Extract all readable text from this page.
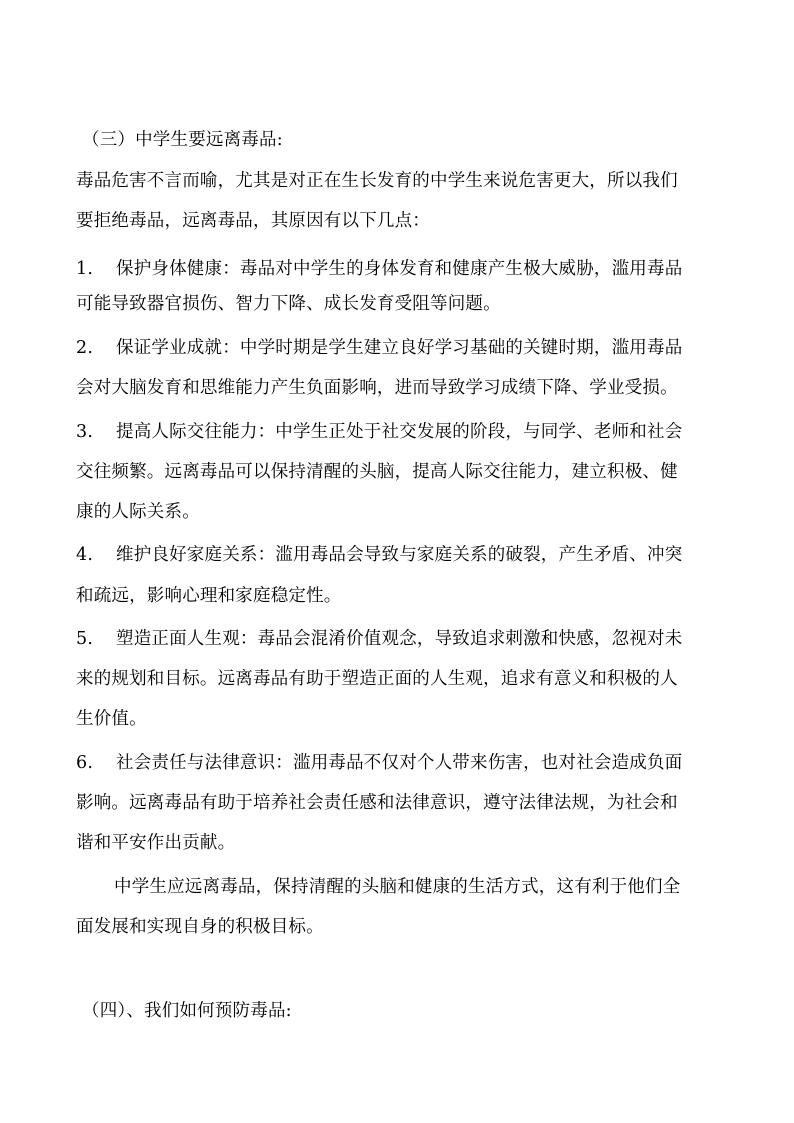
（三）中学生要远离毒品:
毒品危害不言而喻，尤其是对正在生长发育的中学生来说危害更大，所以我们
要拒绝毒品，远离毒品，其原因有以下几点：
1. 保护身体健康：毒品对中学生的身体发育和健康产生极大威胁，滥用毒品
可能导致器官损伤、智力下降、成长发育受阻等问题。
2. 保证学业成就：中学时期是学生建立良好学习基础的关键时期，滥用毒品
会对大脑发育和思维能力产生负面影响，进而导致学习成绩下降、学业受损。
3. 提高人际交往能力：中学生正处于社交发展的阶段，与同学、老师和社会
交往频繁。远离毒品可以保持清醒的头脑，提高人际交往能力，建立积极、健
康的人际关系。
4. 维护良好家庭关系：滥用毒品会导致与家庭关系的破裂，产生矛盾、冲突
和疏远，影响心理和家庭稳定性。
5. 塑造正面人生观：毒品会混淆价值观念，导致追求刺激和快感，忽视对未
来的规划和目标。远离毒品有助于塑造正面的人生观，追求有意义和积极的人
生价值。
6. 社会责任与法律意识：滥用毒品不仅对个人带来伤害，也对社会造成负面
影响。远离毒品有助于培养社会责任感和法律意识，遵守法律法规，为社会和
谐和平安作出贡献。
中学生应远离毒品，保持清醒的头脑和健康的生活方式，这有利于他们全
面发展和实现自身的积极目标。
（四）、我们如何预防毒品:
